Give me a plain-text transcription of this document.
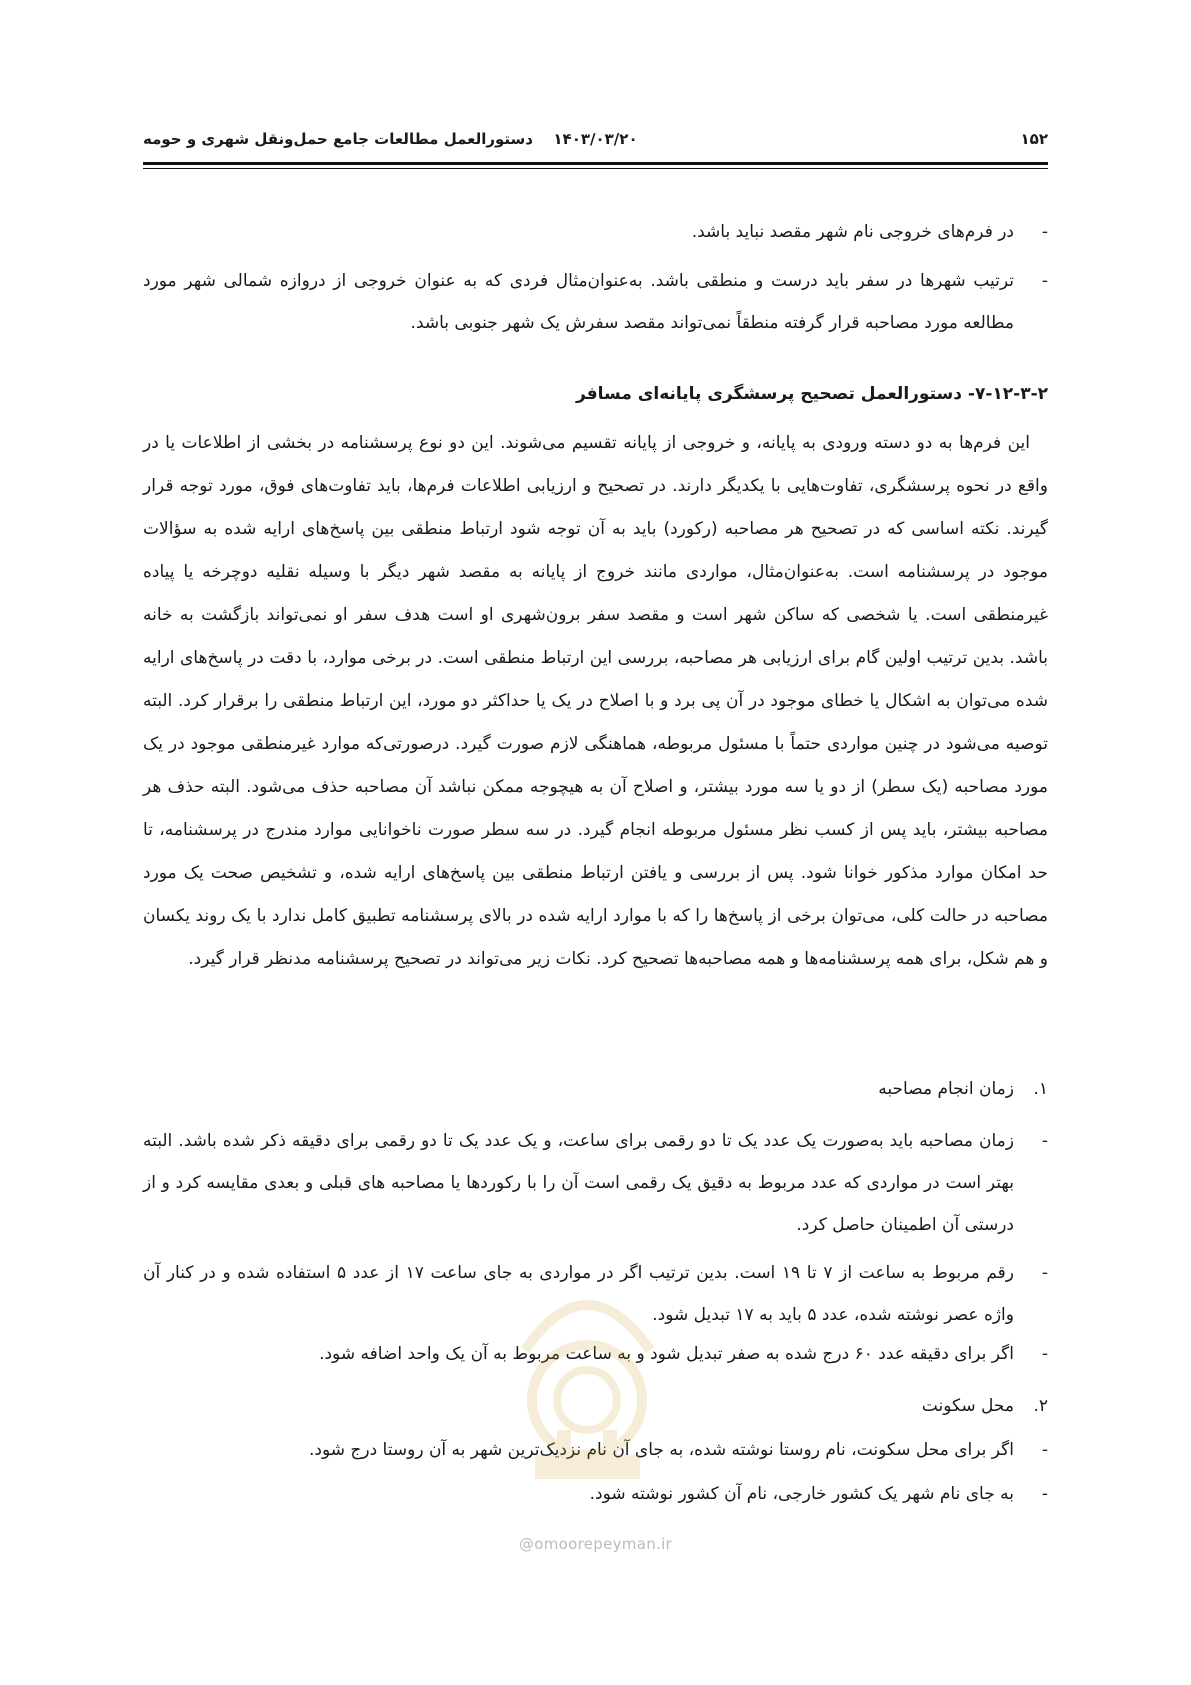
۱۵۲
۱۴۰۳/۰۳/۲۰
دستورالعمل مطالعات جامع حمل‌ونقل شهری و حومه
-
در فرم‌های خروجی نام شهر مقصد نباید باشد.
-
ترتیب شهرها در سفر باید درست و منطقی باشد. به‌عنوان‌مثال فردی که به عنوان خروجی از دروازه شمالی شهر مورد مطالعه مورد مصاحبه قرار گرفته منطقاً نمی‌تواند مقصد سفرش یک شهر جنوبی باشد.
۷-۱۲-۳-۲- دستورالعمل تصحیح پرسشگری پایانه‌ای مسافر
این فرم‌ها به دو دسته ورودی به پایانه، و خروجی از پایانه تقسیم می‌شوند. این دو نوع پرسشنامه در بخشی از اطلاعات یا در واقع در نحوه پرسشگری، تفاوت‌هایی با یکدیگر دارند. در تصحیح و ارزیابی اطلاعات فرم‌ها، باید تفاوت‌های فوق، مورد توجه قرار گیرند. نکته اساسی که در تصحیح هر مصاحبه (رکورد) باید به آن توجه شود ارتباط منطقی بین پاسخ‌های ارایه شده به سؤالات موجود در پرسشنامه است. به‌عنوان‌مثال، مواردی مانند خروج از پایانه به مقصد شهر دیگر با وسیله نقلیه دوچرخه یا پیاده غیرمنطقی است. یا شخصی که ساکن شهر است و مقصد سفر برون‌شهری او است هدف سفر او نمی‌تواند بازگشت به خانه باشد. بدین ترتیب اولین گام برای ارزیابی هر مصاحبه، بررسی این ارتباط منطقی است. در برخی موارد، با دقت در پاسخ‌های ارایه شده می‌توان به اشکال یا خطای موجود در آن پی برد و با اصلاح در یک یا حداکثر دو مورد، این ارتباط منطقی را برقرار کرد. البته توصیه می‌شود در چنین مواردی حتماً با مسئول مربوطه، هماهنگی لازم صورت گیرد. درصورتی‌که موارد غیرمنطقی موجود در یک مورد مصاحبه (یک سطر) از دو یا سه مورد بیشتر، و اصلاح آن به هیچوجه ممکن نباشد آن مصاحبه حذف می‌شود. البته حذف هر مصاحبه بیشتر، باید پس از کسب نظر مسئول مربوطه انجام گیرد. در سه سطر صورت ناخوانایی موارد مندرج در پرسشنامه، تا حد امکان موارد مذکور خوانا شود. پس از بررسی و یافتن ارتباط منطقی بین پاسخ‌های ارایه شده، و تشخیص صحت یک مورد مصاحبه در حالت کلی، می‌توان برخی از پاسخ‌ها را که با موارد ارایه شده در بالای پرسشنامه تطبیق کامل ندارد با یک روند یکسان و هم شکل، برای همه پرسشنامه‌ها و همه مصاحبه‌ها تصحیح کرد. نکات زیر می‌تواند در تصحیح پرسشنامه مدنظر قرار گیرد.
۱.
زمان انجام مصاحبه
-
زمان مصاحبه باید به‌صورت یک عدد یک تا دو رقمی برای ساعت، و یک عدد یک تا دو رقمی برای دقیقه ذکر شده باشد. البته بهتر است در مواردی که عدد مربوط به دقیق یک رقمی است آن را با رکوردها یا مصاحبه های قبلی و بعدی مقایسه کرد و از درستی آن اطمینان حاصل کرد.
-
رقم مربوط به ساعت از ۷ تا ۱۹ است. بدین ترتیب اگر در مواردی به جای ساعت ۱۷ از عدد ۵ استفاده شده و در کنار آن واژه عصر نوشته شده، عدد ۵ باید به ۱۷ تبدیل شود.
-
اگر برای دقیقه عدد ۶۰ درج شده به صفر تبدیل شود و به ساعت مربوط به آن یک واحد اضافه شود.
۲.
محل سکونت
-
اگر برای محل سکونت، نام روستا نوشته شده، به جای آن نام نزدیک‌ترین شهر به آن روستا درج شود.
-
به جای نام شهر یک کشور خارجی، نام آن کشور نوشته شود.
@omoorepeyman.ir
